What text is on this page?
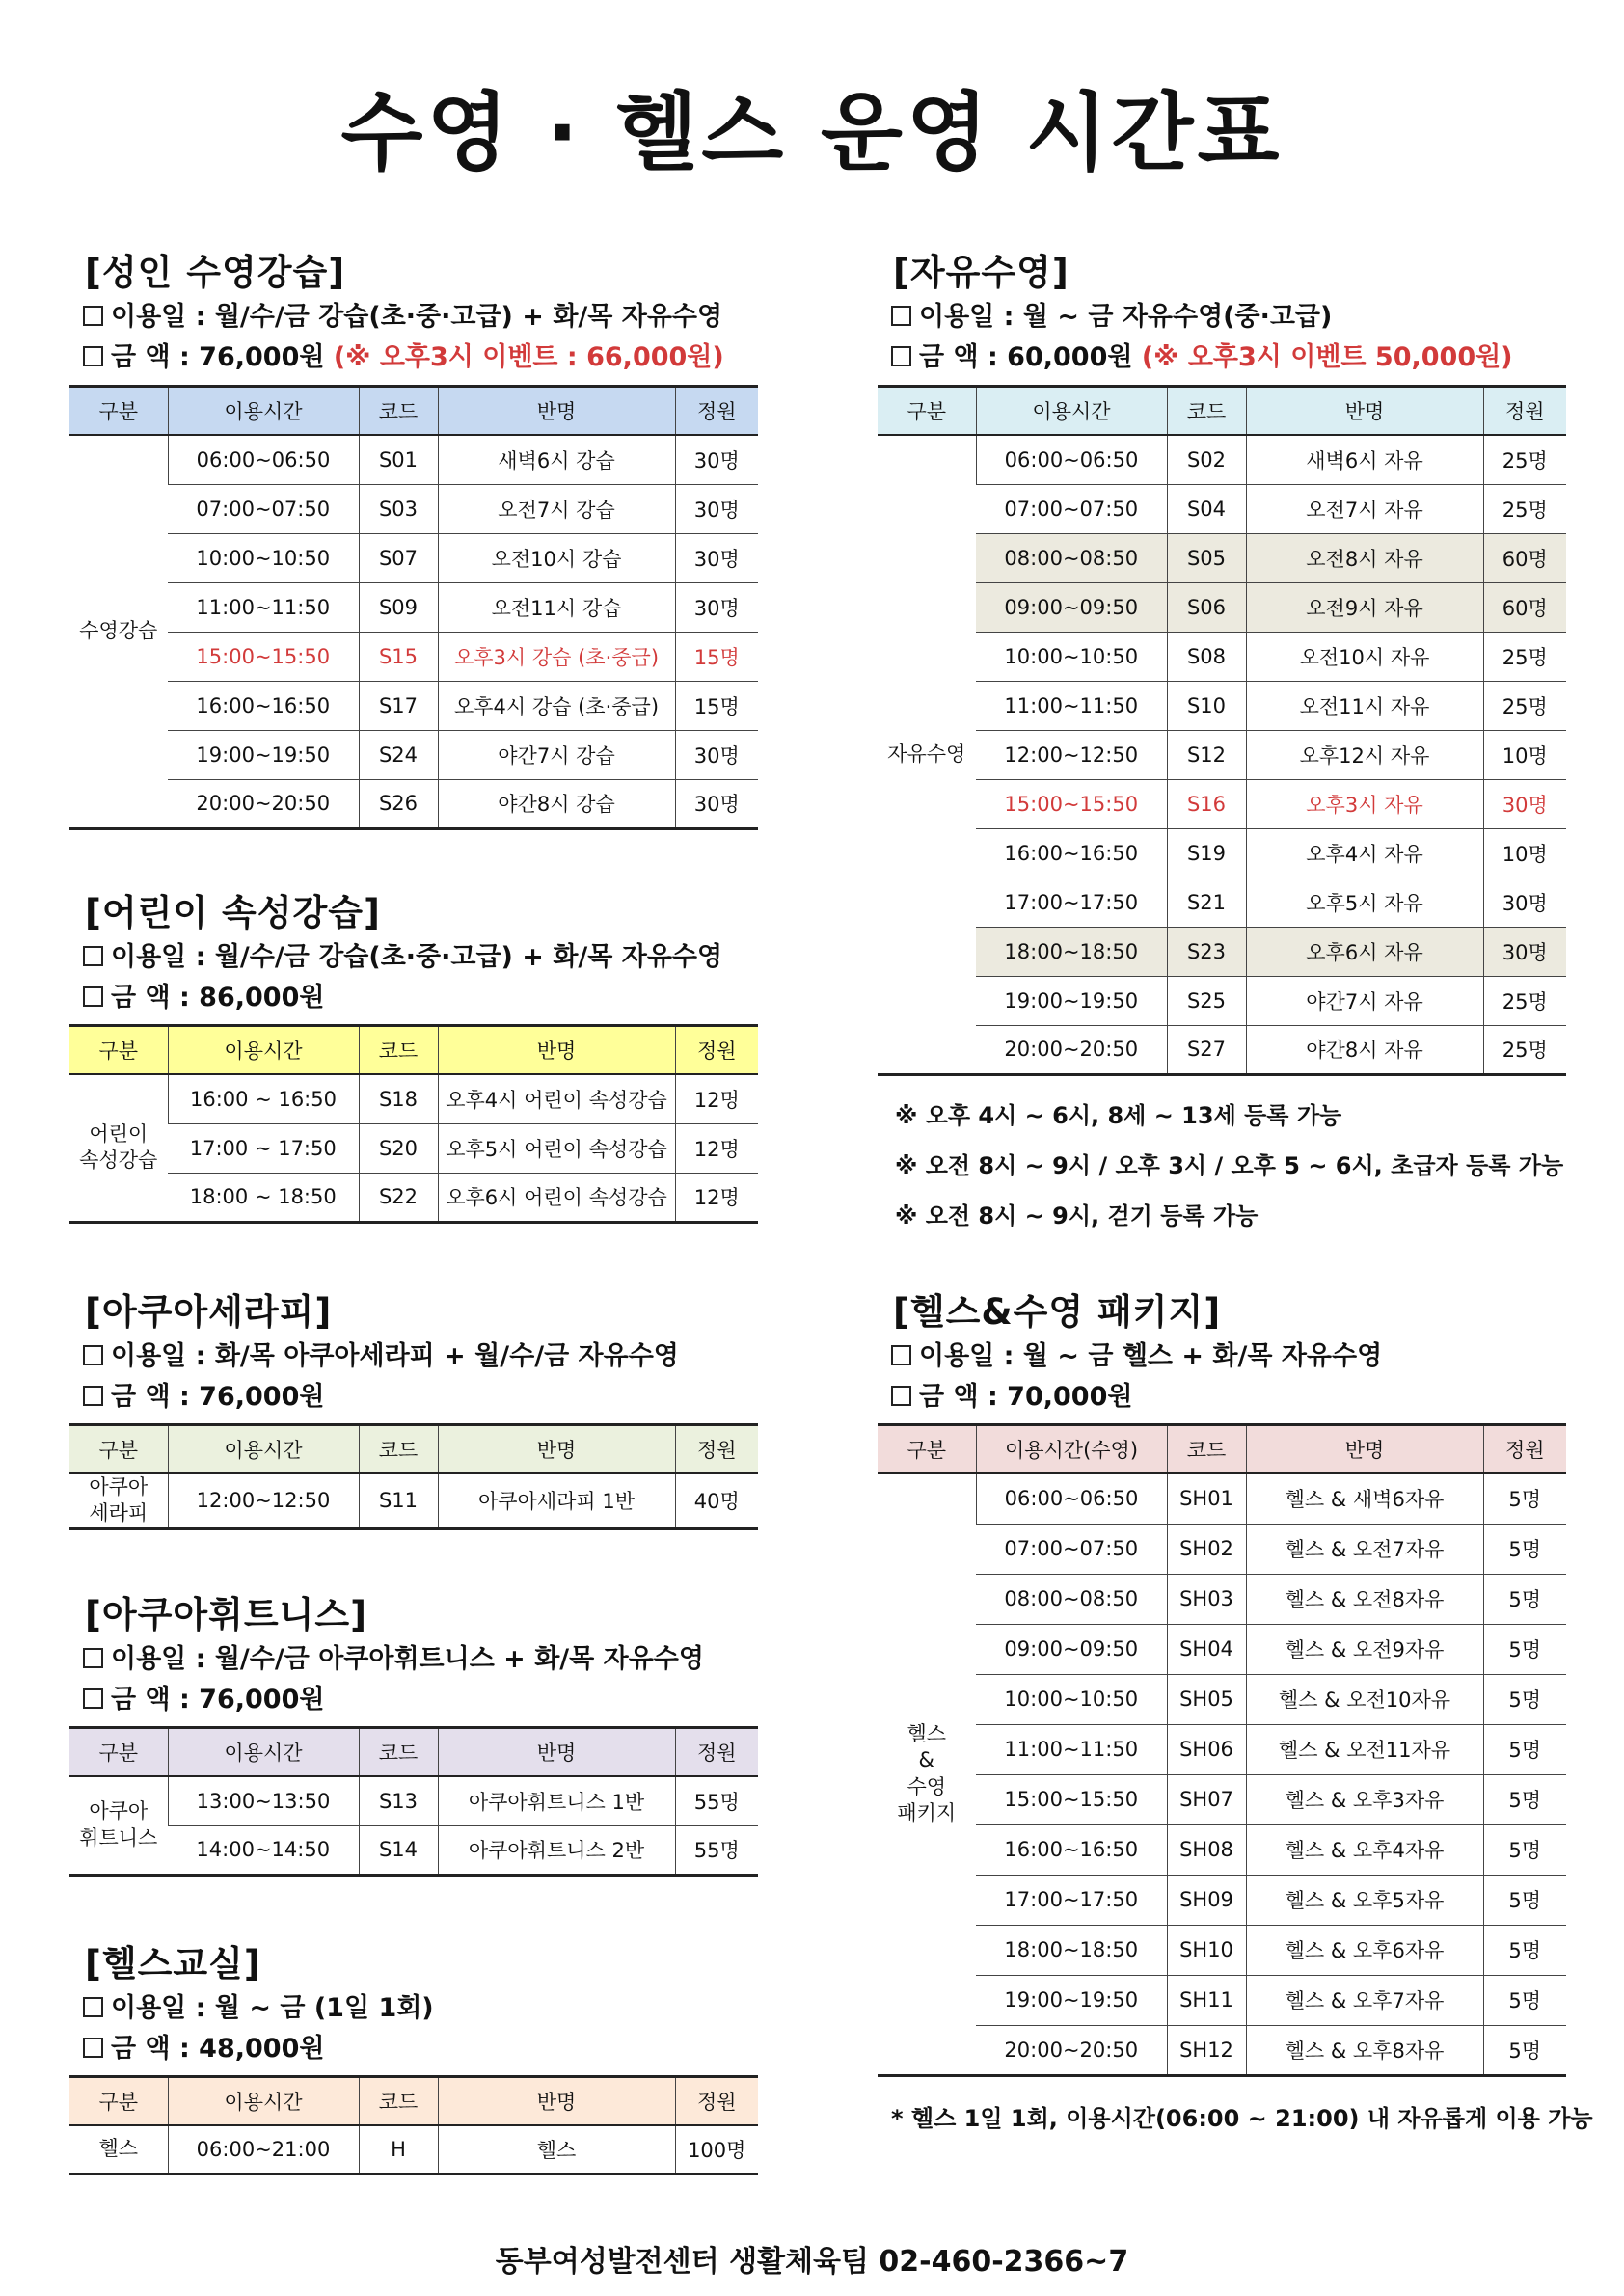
수영 · 헬스 운영 시간표
[성인 수영강습]
이용일 : 월/수/금 강습(초·중·고급) + 화/목 자유수영
금 액 : 76,000원 (※ 오후3시 이벤트 : 66,000원)
구분	이용시간	코드	반명	정원

수영강습	06:00~06:50	S01	새벽6시 강습	30명
	07:00~07:50	S03	오전7시 강습	30명
	10:00~10:50	S07	오전10시 강습	30명
	11:00~11:50	S09	오전11시 강습	30명
	15:00~15:50	S15	오후3시 강습 (초·중급)	15명
	16:00~16:50	S17	오후4시 강습 (초·중급)	15명
	19:00~19:50	S24	야간7시 강습	30명
	20:00~20:50	S26	야간8시 강습	30명
[어린이 속성강습]
이용일 : 월/수/금 강습(초·중·고급) + 화/목 자유수영
금 액 : 86,000원
구분	이용시간	코드	반명	정원

어린이
속성강습	16:00 ~ 16:50	S18	오후4시 어린이 속성강습	12명
	17:00 ~ 17:50	S20	오후5시 어린이 속성강습	12명
	18:00 ~ 18:50	S22	오후6시 어린이 속성강습	12명
[아쿠아세라피]
이용일 : 화/목 아쿠아세라피 + 월/수/금 자유수영
금 액 : 76,000원
구분	이용시간	코드	반명	정원

아쿠아
세라피	12:00~12:50	S11	아쿠아세라피 1반	40명
[아쿠아휘트니스]
이용일 : 월/수/금 아쿠아휘트니스 + 화/목 자유수영
금 액 : 76,000원
구분	이용시간	코드	반명	정원

아쿠아
휘트니스	13:00~13:50	S13	아쿠아휘트니스 1반	55명
	14:00~14:50	S14	아쿠아휘트니스 2반	55명
[헬스교실]
이용일 : 월 ~ 금 (1일 1회)
금 액 : 48,000원
구분	이용시간	코드	반명	정원

헬스	06:00~21:00	H	헬스	100명
[자유수영]
이용일 : 월 ~ 금 자유수영(중·고급)
금 액 : 60,000원 (※ 오후3시 이벤트 50,000원)
구분	이용시간	코드	반명	정원

자유수영	06:00~06:50	S02	새벽6시 자유	25명
	07:00~07:50	S04	오전7시 자유	25명
	08:00~08:50	S05	오전8시 자유	60명
	09:00~09:50	S06	오전9시 자유	60명
	10:00~10:50	S08	오전10시 자유	25명
	11:00~11:50	S10	오전11시 자유	25명
	12:00~12:50	S12	오후12시 자유	10명
	15:00~15:50	S16	오후3시 자유	30명
	16:00~16:50	S19	오후4시 자유	10명
	17:00~17:50	S21	오후5시 자유	30명
	18:00~18:50	S23	오후6시 자유	30명
	19:00~19:50	S25	야간7시 자유	25명
	20:00~20:50	S27	야간8시 자유	25명
※ 오후 4시 ~ 6시, 8세 ~ 13세 등록 가능
※ 오전 8시 ~ 9시 / 오후 3시 / 오후 5 ~ 6시, 초급자 등록 가능
※ 오전 8시 ~ 9시, 걷기 등록 가능
[헬스&수영 패키지]
이용일 : 월 ~ 금 헬스 + 화/목 자유수영
금 액 : 70,000원
구분	이용시간(수영)	코드	반명	정원

헬스
&
수영
패키지	06:00~06:50	SH01	헬스 & 새벽6자유	5명
	07:00~07:50	SH02	헬스 & 오전7자유	5명
	08:00~08:50	SH03	헬스 & 오전8자유	5명
	09:00~09:50	SH04	헬스 & 오전9자유	5명
	10:00~10:50	SH05	헬스 & 오전10자유	5명
	11:00~11:50	SH06	헬스 & 오전11자유	5명
	15:00~15:50	SH07	헬스 & 오후3자유	5명
	16:00~16:50	SH08	헬스 & 오후4자유	5명
	17:00~17:50	SH09	헬스 & 오후5자유	5명
	18:00~18:50	SH10	헬스 & 오후6자유	5명
	19:00~19:50	SH11	헬스 & 오후7자유	5명
	20:00~20:50	SH12	헬스 & 오후8자유	5명
* 헬스 1일 1회, 이용시간(06:00 ~ 21:00) 내 자유롭게 이용 가능
동부여성발전센터 생활체육팀 02-460-2366~7
